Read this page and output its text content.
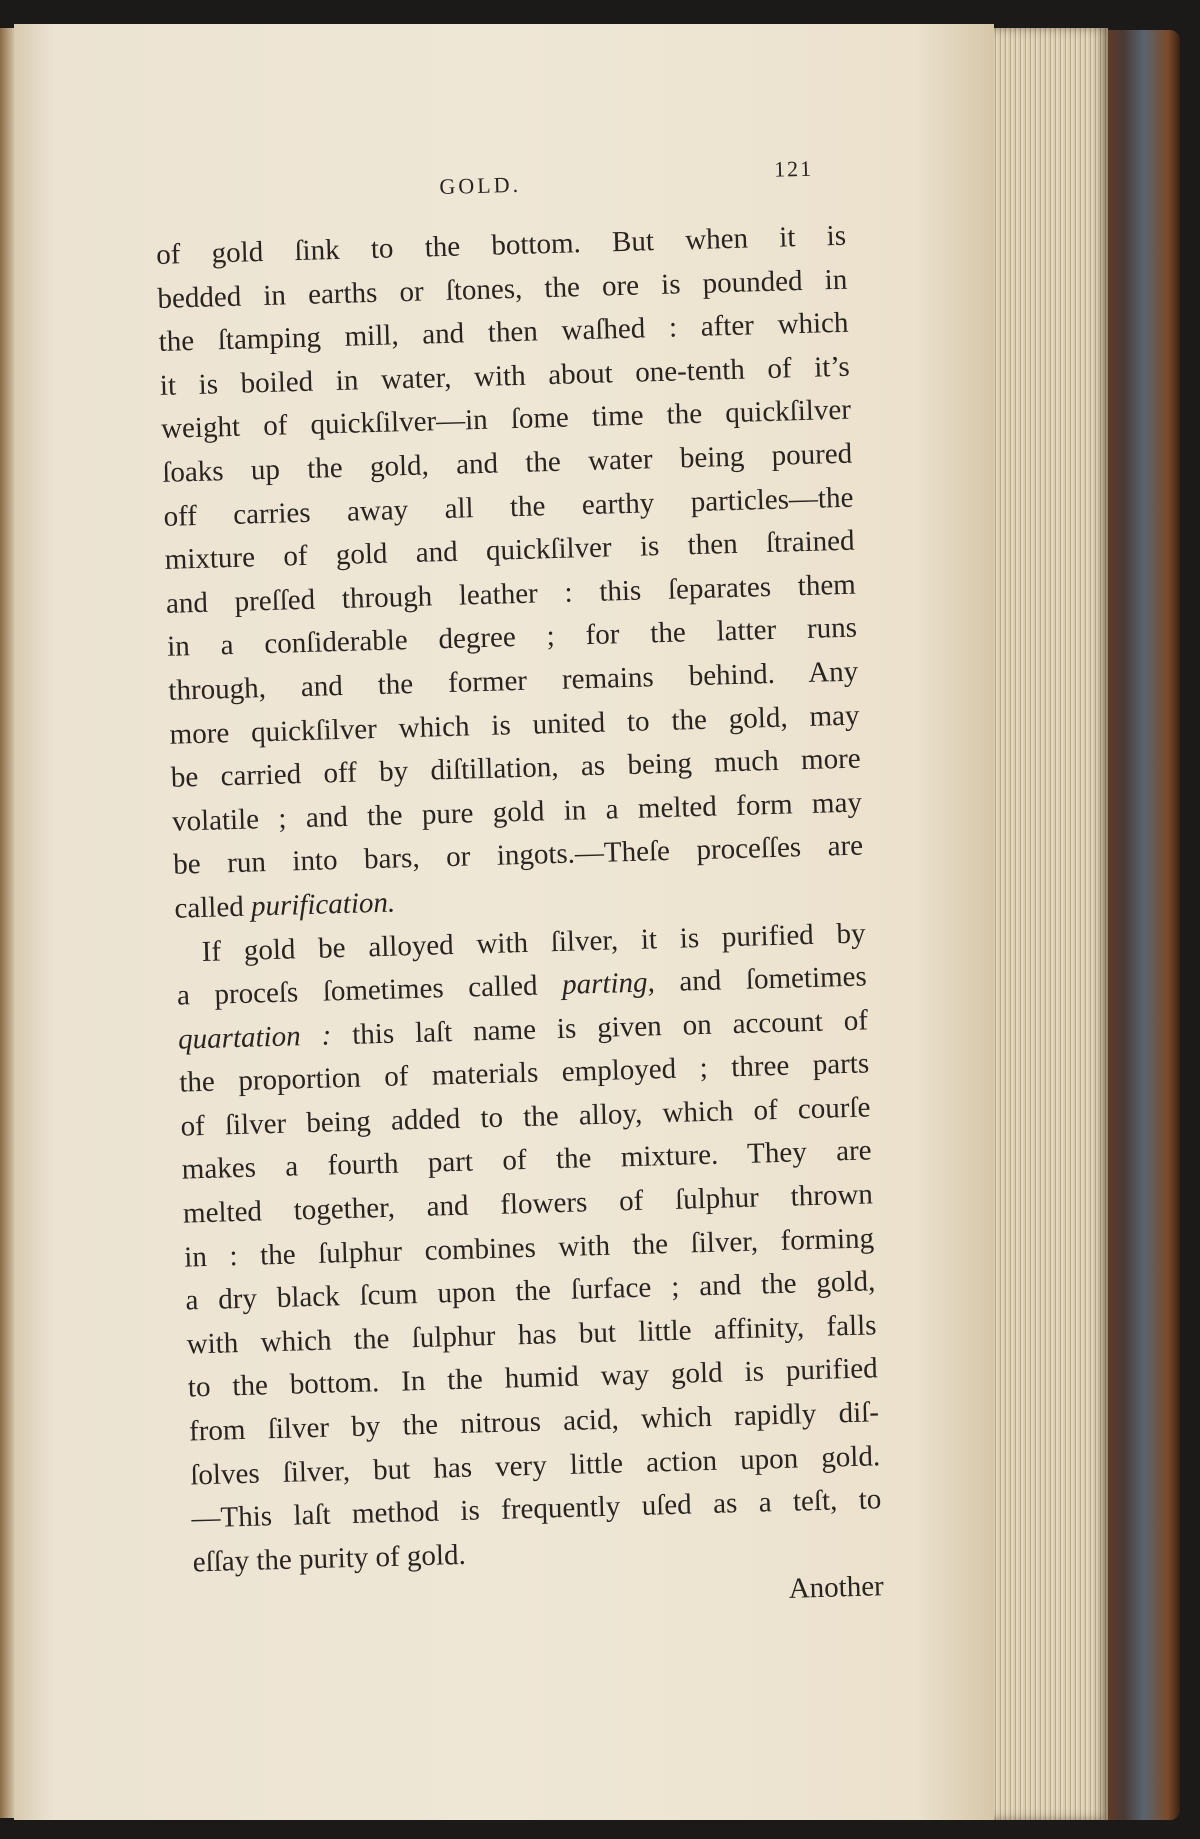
GOLD.
121
of gold ſink to the bottom. But when it is
bedded in earths or ſtones, the ore is pounded in
the ſtamping mill, and then waſhed : after which
it is boiled in water, with about one-tenth of it’s
weight of quickſilver—in ſome time the quickſilver
ſoaks up the gold, and the water being poured
off carries away all the earthy particles—the
mixture of gold and quickſilver is then ſtrained
and preſſed through leather : this ſeparates them
in a conſiderable degree ; for the latter runs
through, and the former remains behind. Any
more quickſilver which is united to the gold, may
be carried off by diſtillation, as being much more
volatile ; and the pure gold in a melted form may
be run into bars, or ingots.—Theſe proceſſes are
called purification.
If gold be alloyed with ſilver, it is purified by
a proceſs ſometimes called parting, and ſometimes
quartation : this laſt name is given on account of
the proportion of materials employed ; three parts
of ſilver being added to the alloy, which of courſe
makes a fourth part of the mixture. They are
melted together, and flowers of ſulphur thrown
in : the ſulphur combines with the ſilver, forming
a dry black ſcum upon the ſurface ; and the gold,
with which the ſulphur has but little affinity, falls
to the bottom. In the humid way gold is purified
from ſilver by the nitrous acid, which rapidly diſ-
ſolves ſilver, but has very little action upon gold.
—This laſt method is frequently uſed as a teſt, to
eſſay the purity of gold.
Another
